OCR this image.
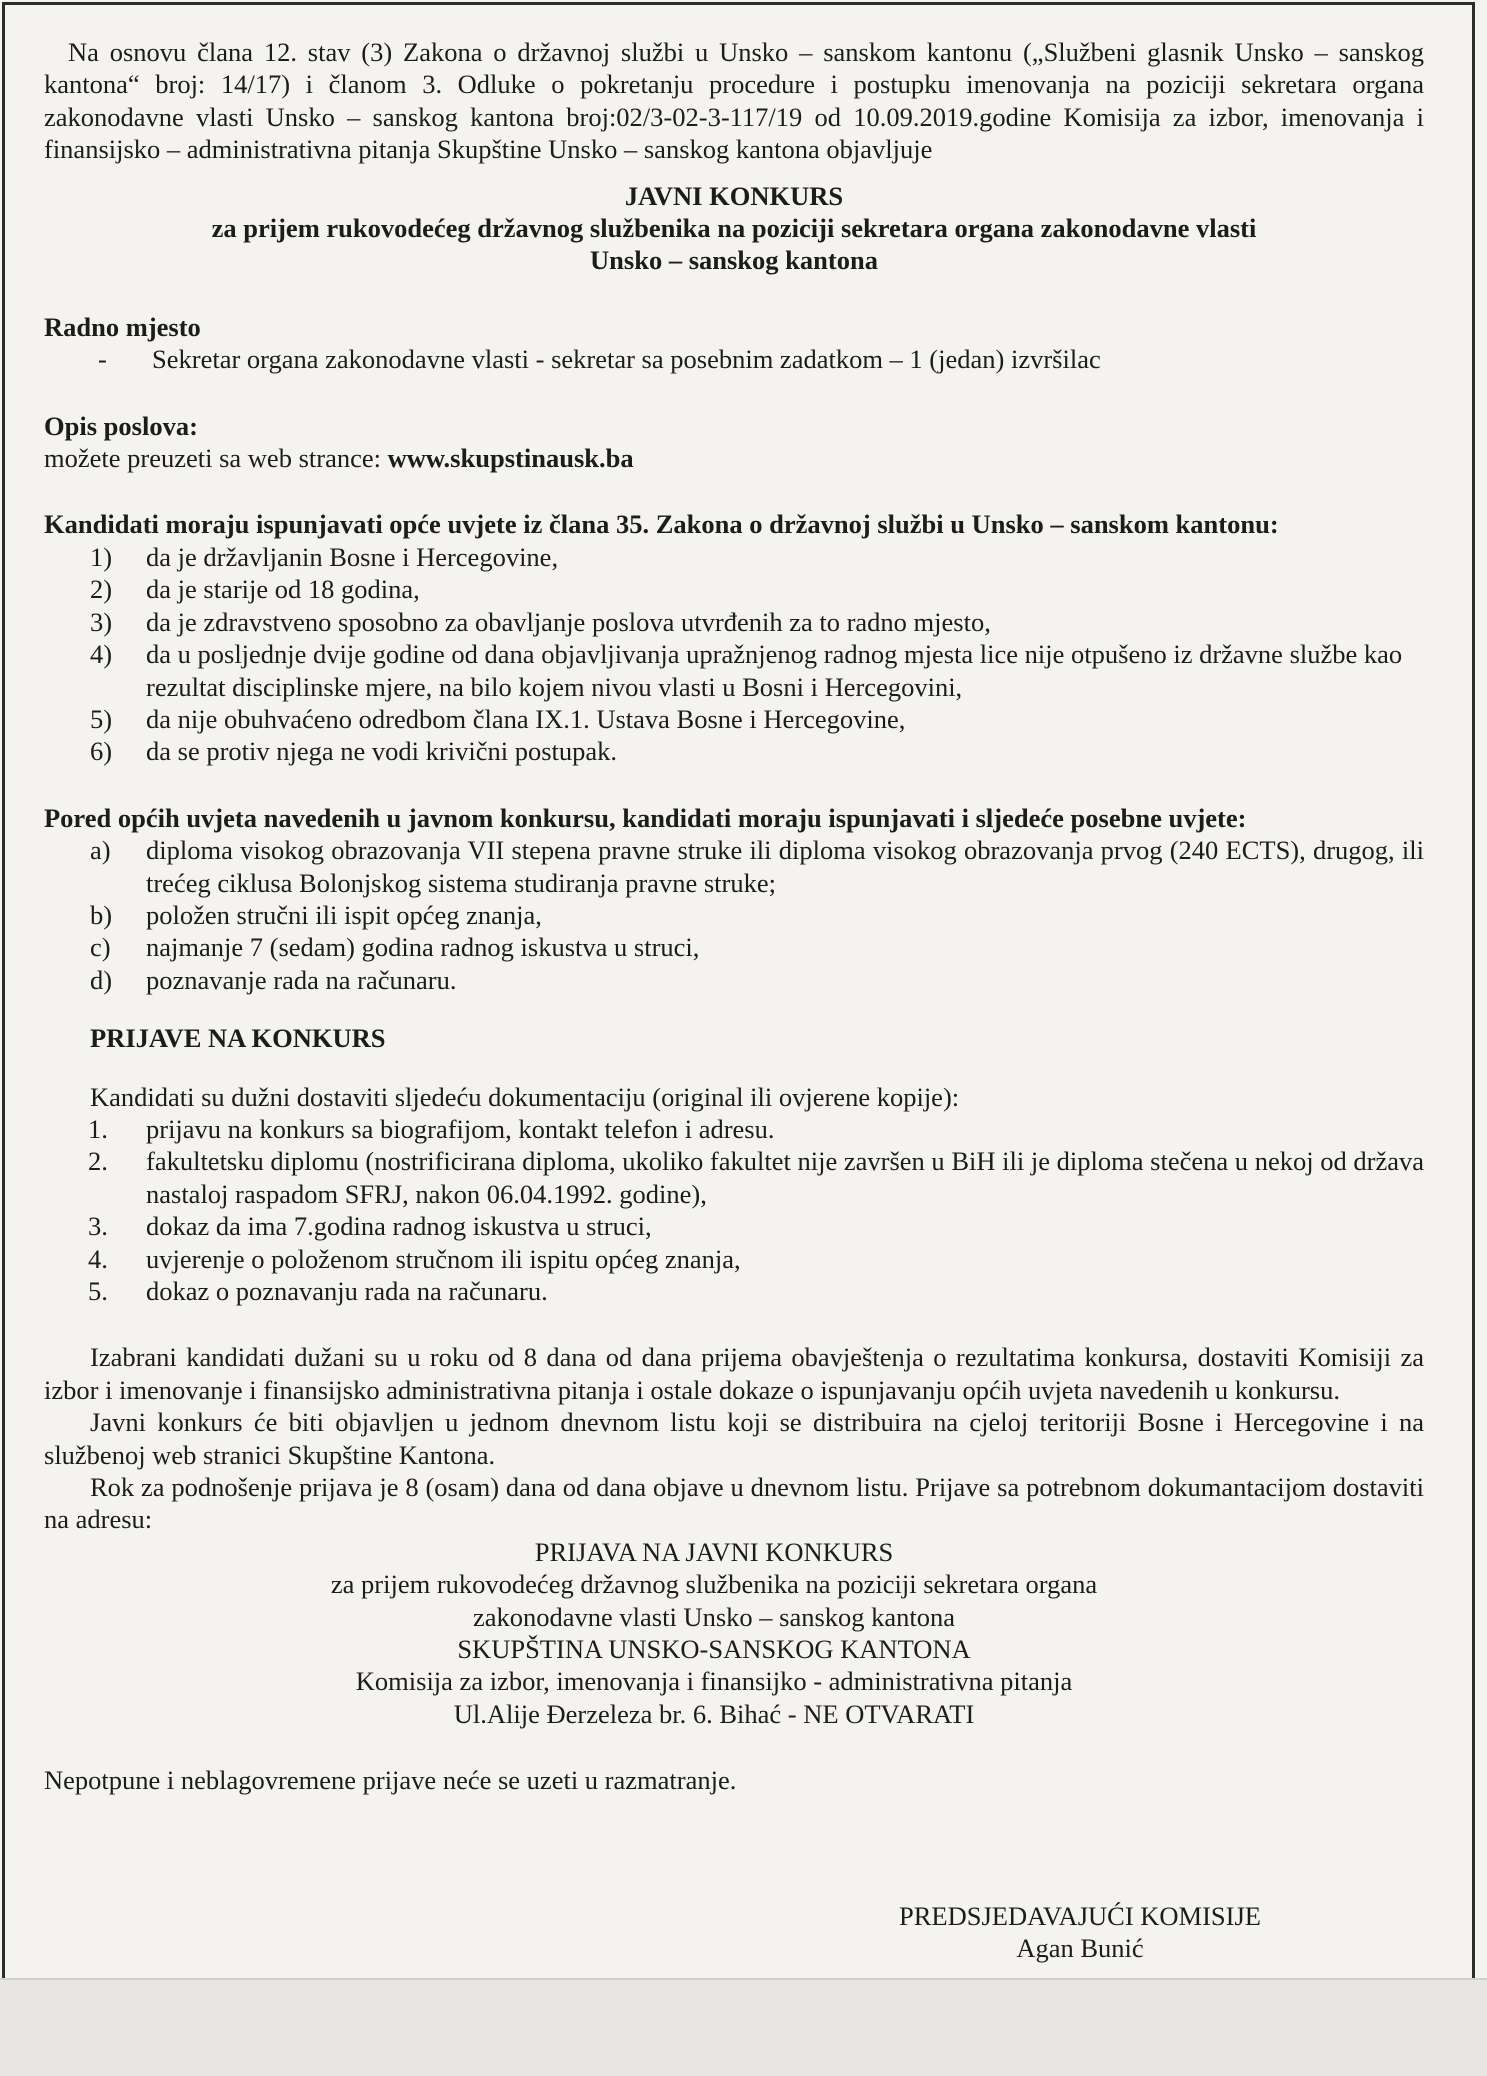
Na osnovu člana 12. stav (3) Zakona o državnoj službi u Unsko – sanskom kantonu („Službeni glasnik Unsko – sanskog kantona“ broj: 14/17) i članom 3. Odluke o pokretanju procedure i postupku imenovanja na poziciji sekretara organa zakonodavne vlasti Unsko – sanskog kantona broj:02/3-02-3-117/19 od 10.09.2019.godine Komisija za izbor, imenovanja i finansijsko – administrativna pitanja Skupštine Unsko – sanskog kantona objavljuje

JAVNI KONKURS

za prijem rukovodećeg državnog službenika na poziciji sekretara organa zakonodavne vlasti Unsko – sanskog kantona

Radno mjesto

-	Sekretar organa zakonodavne vlasti - sekretar sa posebnim zadatkom – 1 (jedan) izvršilac

Opis poslova:

možete preuzeti sa web strance: www.skupstinausk.ba

Kandidati moraju ispunjavati opće uvjete iz člana 35. Zakona o državnoj službi u Unsko – sanskom kantonu:

1)	da je državljanin Bosne i Hercegovine,
2)	da je starije od 18 godina,
3)	da je zdravstveno sposobno za obavljanje poslova utvrđenih za to radno mjesto,
4)	da u posljednje dvije godine od dana objavljivanja upražnjenog radnog mjesta lice nije otpušeno iz državne službe kao rezultat disciplinske mjere, na bilo kojem nivou vlasti u Bosni i Hercegovini,
5)	da nije obuhvaćeno odredbom člana IX.1. Ustava Bosne i Hercegovine,
6)	da se protiv njega ne vodi krivični postupak.

Pored općih uvjeta navedenih u javnom konkursu, kandidati moraju ispunjavati i sljedeće posebne uvjete:

a)	diploma visokog obrazovanja VII stepena pravne struke ili diploma visokog obrazovanja prvog (240 ECTS), drugog, ili trećeg ciklusa Bolonjskog sistema studiranja pravne struke;
b)	položen stručni ili ispit općeg znanja,
c)	najmanje 7 (sedam) godina radnog iskustva u struci,
d)	poznavanje rada na računaru.

PRIJAVE NA KONKURS

Kandidati su dužni dostaviti sljedeću dokumentaciju (original ili ovjerene kopije):

1.	prijavu na konkurs sa biografijom, kontakt telefon i adresu.
2.	fakultetsku diplomu (nostrificirana diploma, ukoliko fakultet nije završen u BiH ili je diploma stečena u nekoj od država nastaloj raspadom SFRJ, nakon 06.04.1992. godine),
3.	dokaz da ima 7.godina radnog iskustva u struci,
4.	uvjerenje o položenom stručnom ili ispitu općeg znanja,
5.	dokaz o poznavanju rada na računaru.

Izabrani kandidati dužani su u roku od 8 dana od dana prijema obavještenja o rezultatima konkursa, dostaviti Komisiji za izbor i imenovanje i finansijsko administrativna pitanja i ostale dokaze o ispunjavanju općih uvjeta navedenih u konkursu.

Javni konkurs će biti objavljen u jednom dnevnom listu koji se distribuira na cjeloj teritoriji Bosne i Hercegovine i na službenoj web stranici Skupštine Kantona.

Rok za podnošenje prijava je 8 (osam) dana od dana objave u dnevnom listu. Prijave sa potrebnom dokumantacijom dostaviti na adresu:

PRIJAVA NA JAVNI KONKURS

za prijem rukovodećeg državnog službenika na poziciji sekretara organa

zakonodavne vlasti Unsko – sanskog kantona

SKUPŠTINA UNSKO-SANSKOG KANTONA

Komisija za izbor, imenovanja i finansijko - administrativna pitanja

Ul.Alije Đerzeleza br. 6. Bihać - NE OTVARATI

Nepotpune i neblagovremene prijave neće se uzeti u razmatranje.

PREDSJEDAVAJUĆI KOMISIJE

Agan Bunić
